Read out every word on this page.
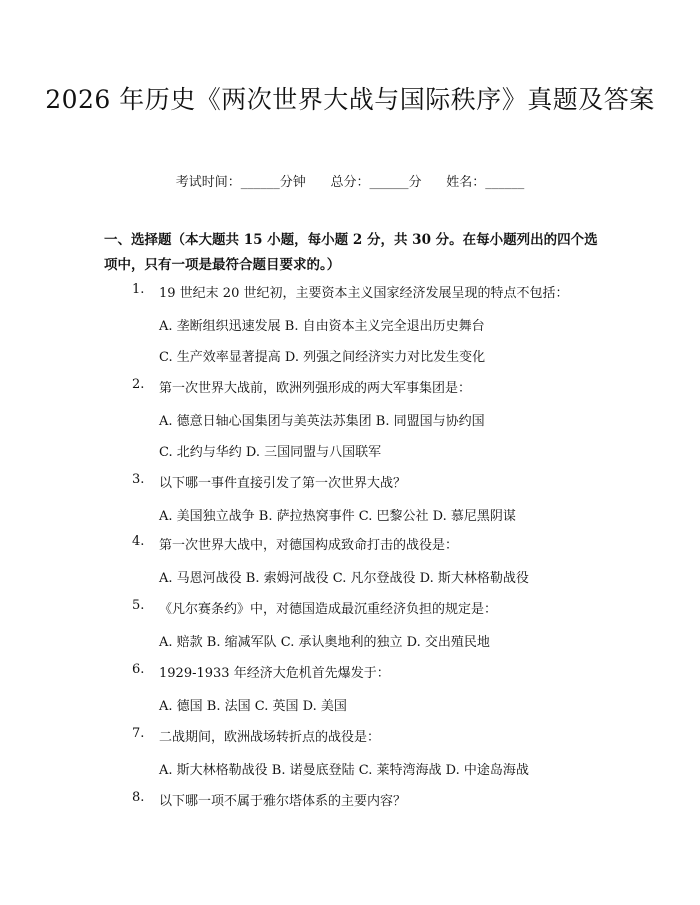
2026 年历史《两次世界大战与国际秩序》真题及答案
考试时间：______分钟      总分：______分      姓名：______
一、选择题（本大题共 15 小题，每小题 2 分，共 30 分。在每小题列出的四个选项中，只有一项是最符合题目要求的。）
1.	19 世纪末 20 世纪初，主要资本主义国家经济发展呈现的特点不包括：
A. 垄断组织迅速发展 B. 自由资本主义完全退出历史舞台
C. 生产效率显著提高 D. 列强之间经济实力对比发生变化
2.	第一次世界大战前，欧洲列强形成的两大军事集团是：
A. 德意日轴心国集团与美英法苏集团 B. 同盟国与协约国
C. 北约与华约 D. 三国同盟与八国联军
3.	以下哪一事件直接引发了第一次世界大战？
A. 美国独立战争 B. 萨拉热窝事件 C. 巴黎公社 D. 慕尼黑阴谋
4.	第一次世界大战中，对德国构成致命打击的战役是：
A. 马恩河战役 B. 索姆河战役 C. 凡尔登战役 D. 斯大林格勒战役
5.	《凡尔赛条约》中，对德国造成最沉重经济负担的规定是：
A. 赔款 B. 缩减军队 C. 承认奥地利的独立 D. 交出殖民地
6.	1929-1933 年经济大危机首先爆发于：
A. 德国 B. 法国 C. 英国 D. 美国
7.	二战期间，欧洲战场转折点的战役是：
A. 斯大林格勒战役 B. 诺曼底登陆 C. 莱特湾海战 D. 中途岛海战
8.	以下哪一项不属于雅尔塔体系的主要内容？
